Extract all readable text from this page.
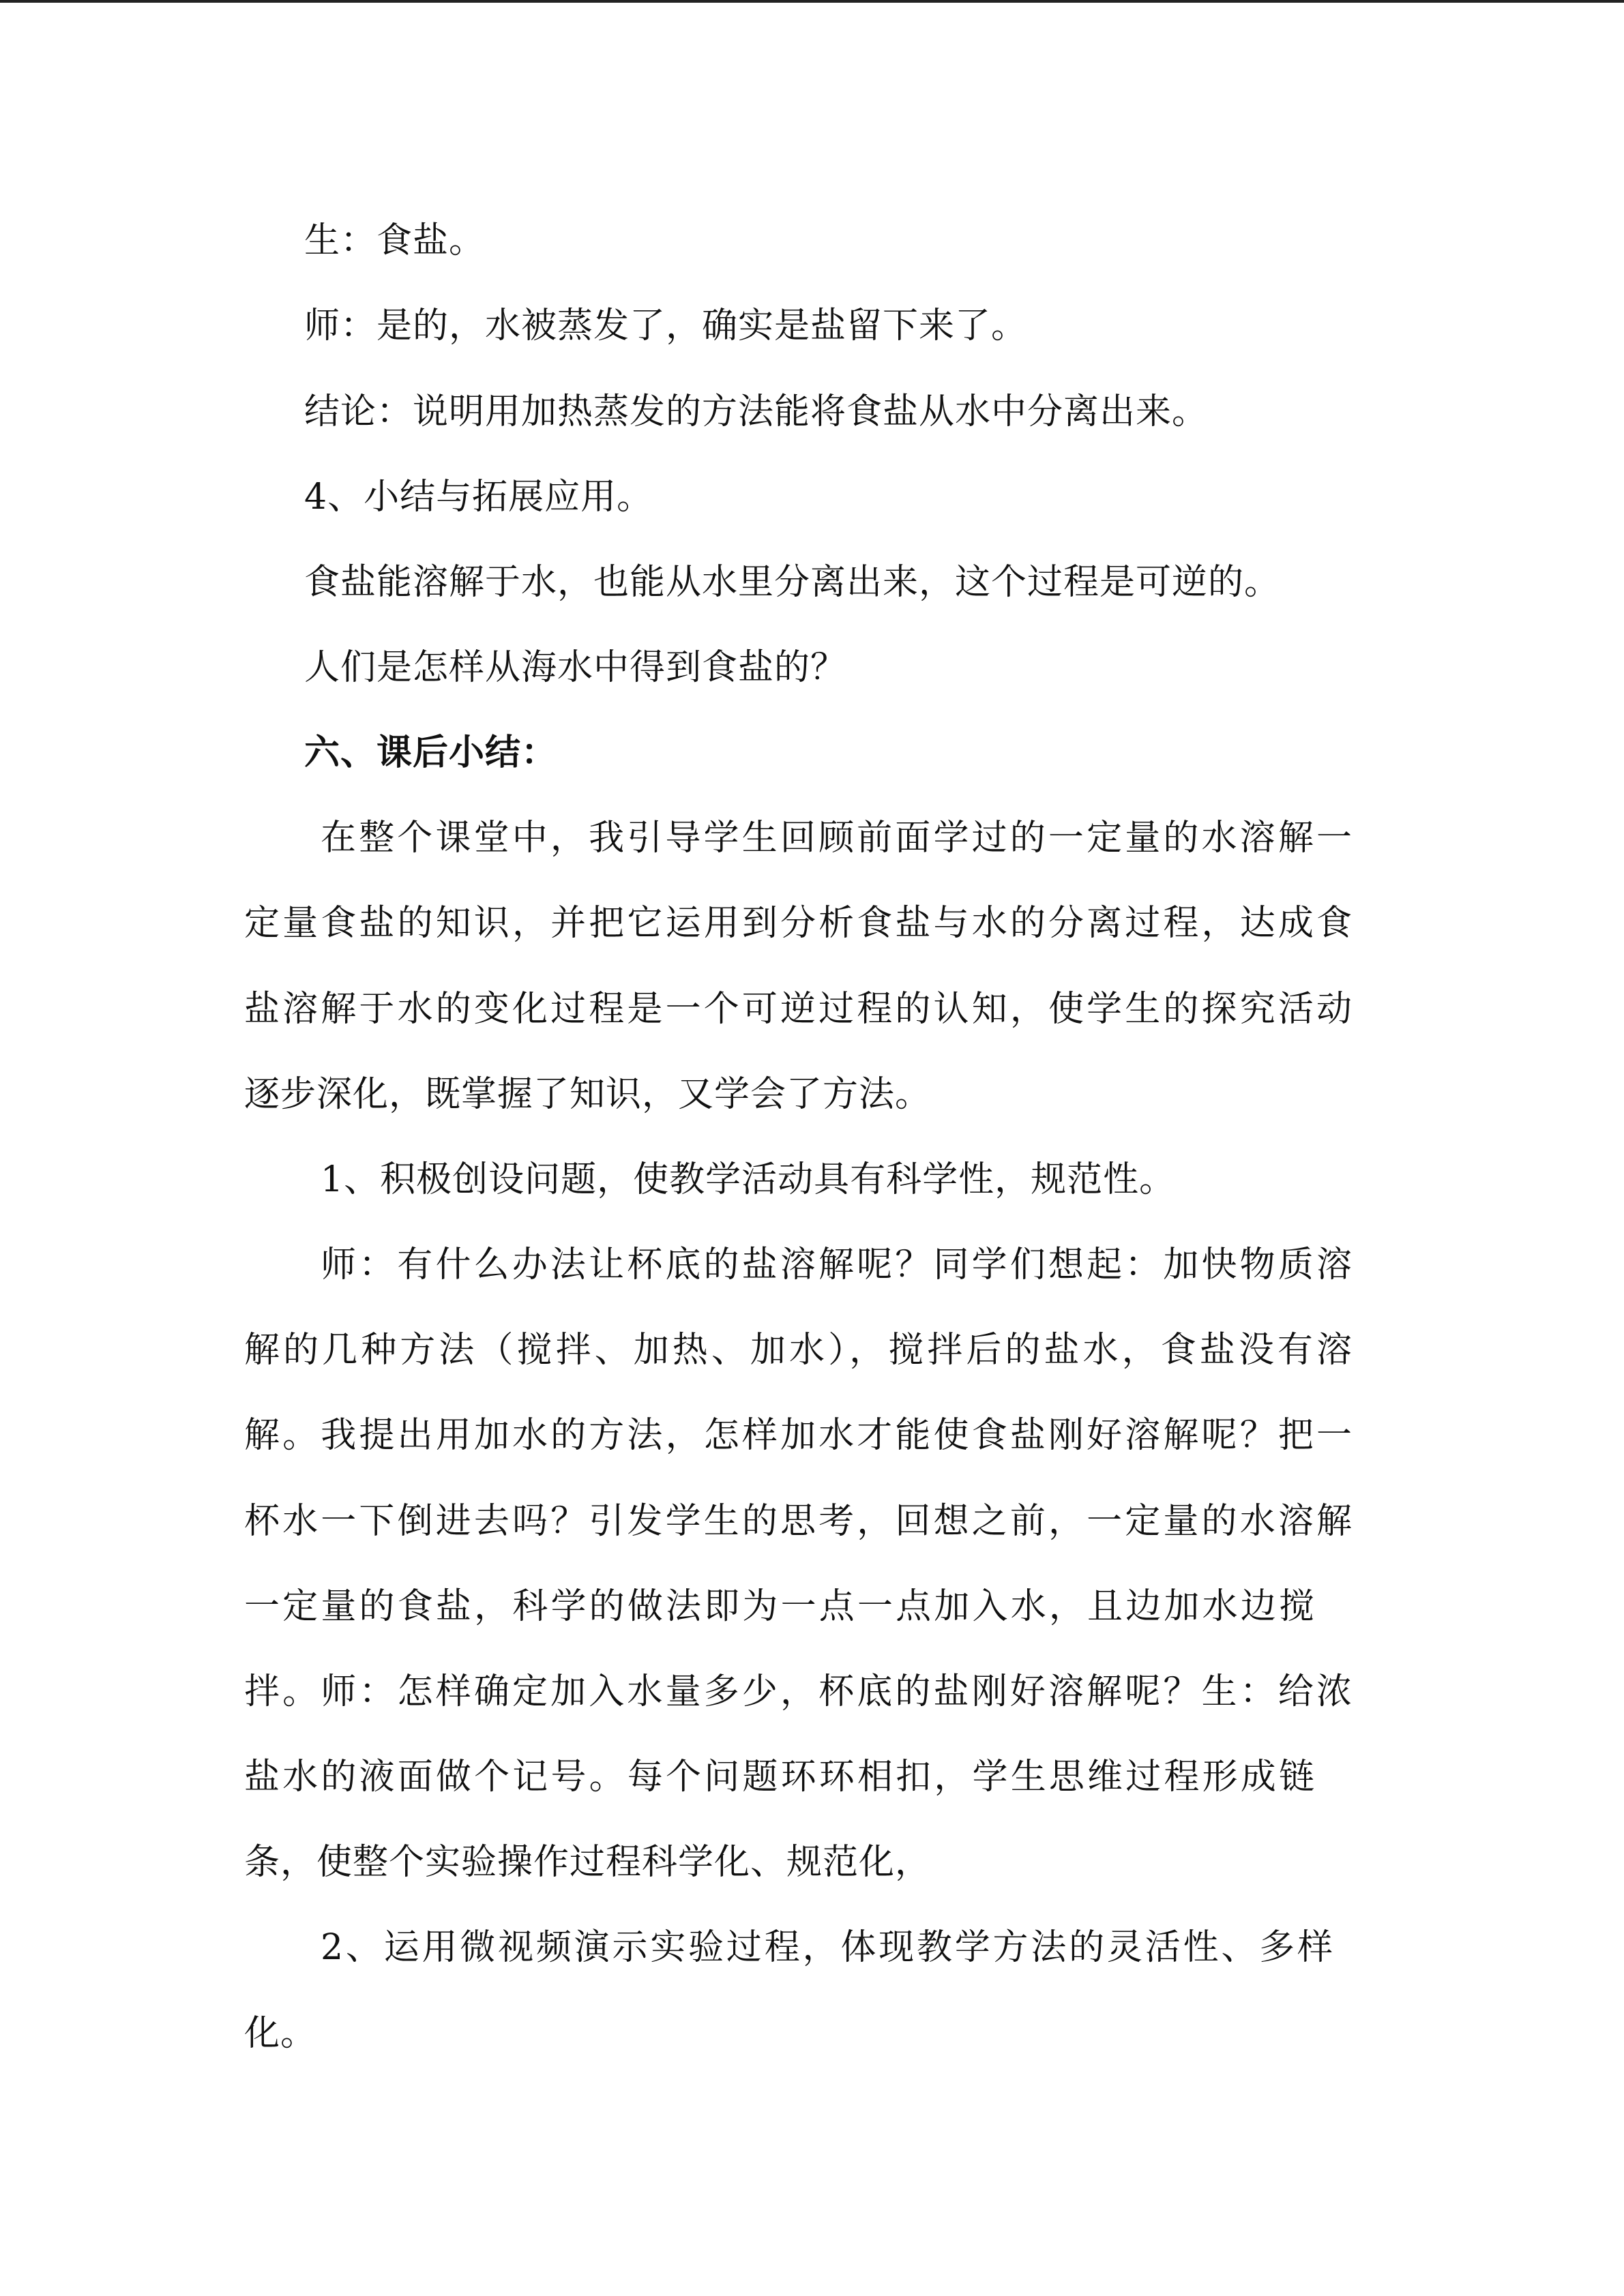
生：食盐。
师：是的，水被蒸发了，确实是盐留下来了。
结论：说明用加热蒸发的方法能将食盐从水中分离出来。
4、小结与拓展应用。
食盐能溶解于水，也能从水里分离出来，这个过程是可逆的。
人们是怎样从海水中得到食盐的？
六、课后小结：
在整个课堂中，我引导学生回顾前面学过的一定量的水溶解一
定量食盐的知识，并把它运用到分析食盐与水的分离过程，达成食
盐溶解于水的变化过程是一个可逆过程的认知，使学生的探究活动
逐步深化，既掌握了知识，又学会了方法。
1、积极创设问题，使教学活动具有科学性，规范性。
师：有什么办法让杯底的盐溶解呢？同学们想起：加快物质溶
解的几种方法（搅拌、加热、加水），搅拌后的盐水，食盐没有溶
解。我提出用加水的方法，怎样加水才能使食盐刚好溶解呢？把一
杯水一下倒进去吗？引发学生的思考，回想之前，一定量的水溶解
一定量的食盐，科学的做法即为一点一点加入水，且边加水边搅
拌。师：怎样确定加入水量多少，杯底的盐刚好溶解呢？生：给浓
盐水的液面做个记号。每个问题环环相扣，学生思维过程形成链
条，使整个实验操作过程科学化、规范化，
2、运用微视频演示实验过程，体现教学方法的灵活性、多样
化。
